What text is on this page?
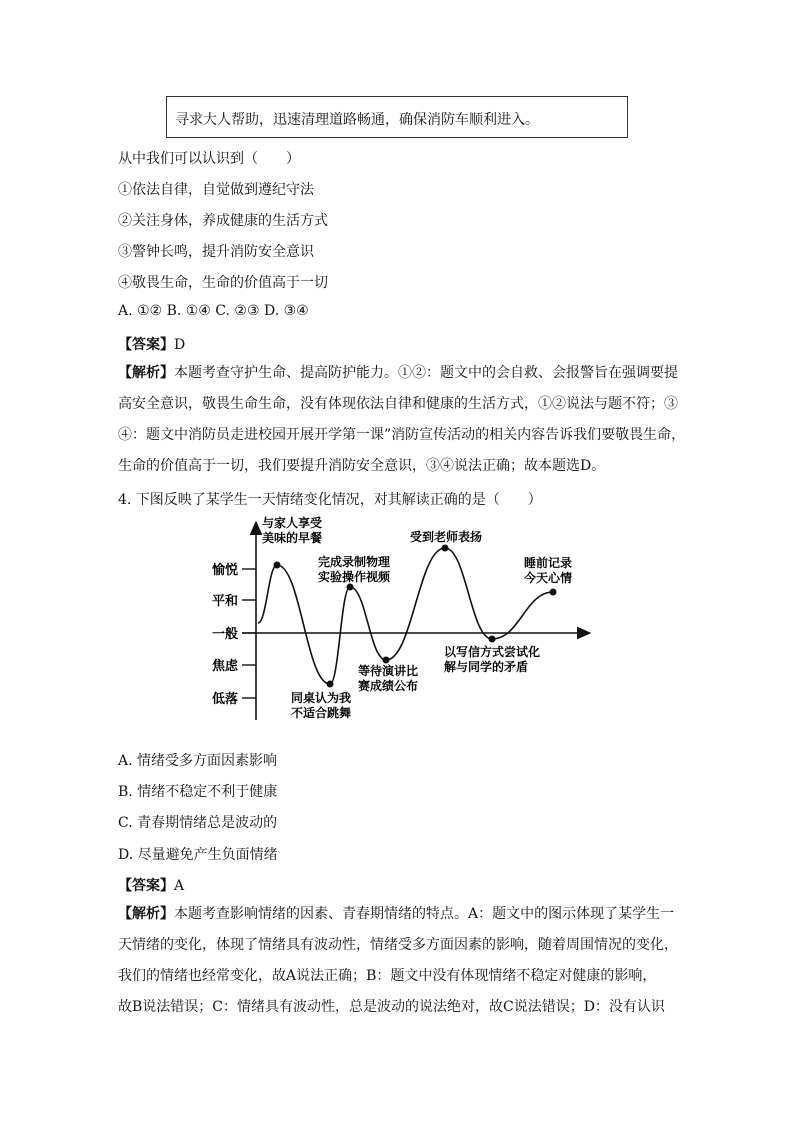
寻求大人帮助，迅速清理道路畅通，确保消防车顺利进入。
从中我们可以认识到（　　）
①依法自律，自觉做到遵纪守法
②关注身体，养成健康的生活方式
③警钟长鸣，提升消防安全意识
④敬畏生命，生命的价值高于一切
A. ①② B. ①④ C. ②③ D. ③④
【答案】D
【解析】本题考查守护生命、提高防护能力。①②：题文中的会自救、会报警旨在强调要提
高安全意识，敬畏生命生命，没有体现依法自律和健康的生活方式，①②说法与题不符；③
④：题文中消防员走进校园开展开学第一课”消防宣传活动的相关内容告诉我们要敬畏生命，
生命的价值高于一切，我们要提升消防安全意识，③④说法正确；故本题选D。
4. 下图反映了某学生一天情绪变化情况，对其解读正确的是（　　）
愉悦
平和
一般
焦虑
低落
与家人享受美味的早餐
同桌认为我不适合跳舞
完成录制物理实验操作视频
等待演讲比赛成绩公布
受到老师表扬
以写信方式尝试化解与同学的矛盾
睡前记录今天心情
A. 情绪受多方面因素影响
B. 情绪不稳定不利于健康
C. 青春期情绪总是波动的
D. 尽量避免产生负面情绪
【答案】A
【解析】本题考查影响情绪的因素、青春期情绪的特点。A：题文中的图示体现了某学生一
天情绪的变化，体现了情绪具有波动性，情绪受多方面因素的影响，随着周围情况的变化，
我们的情绪也经常变化，故A说法正确；B：题文中没有体现情绪不稳定对健康的影响，
故B说法错误；C：情绪具有波动性，总是波动的说法绝对，故C说法错误；D：没有认识
